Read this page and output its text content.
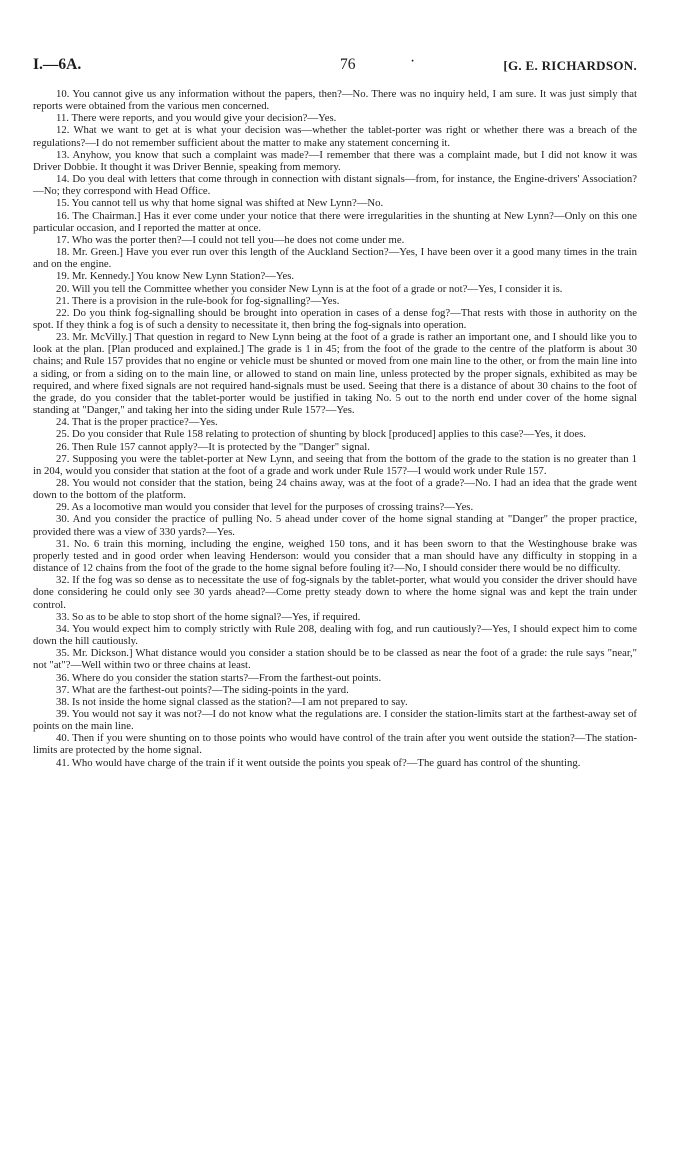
I.—6A.	76	·	[G. E. RICHARDSON.

10. You cannot give us any information without the papers, then?—No. There was no inquiry held, I am sure. It was just simply that reports were obtained from the various men concerned.

11. There were reports, and you would give your decision?—Yes.

12. What we want to get at is what your decision was—whether the tablet-porter was right or whether there was a breach of the regulations?—I do not remember sufficient about the matter to make any statement concerning it.

13. Anyhow, you know that such a complaint was made?—I remember that there was a complaint made, but I did not know it was Driver Dobbie. It thought it was Driver Bennie, speaking from memory.

14. Do you deal with letters that come through in connection with distant signals—from, for instance, the Engine-drivers' Association?—No; they correspond with Head Office.

15. You cannot tell us why that home signal was shifted at New Lynn?—No.

16. The Chairman.] Has it ever come under your notice that there were irregularities in the shunting at New Lynn?—Only on this one particular occasion, and I reported the matter at once.

17. Who was the porter then?—I could not tell you—he does not come under me.

18. Mr. Green.] Have you ever run over this length of the Auckland Section?—Yes, I have been over it a good many times in the train and on the engine.

19. Mr. Kennedy.] You know New Lynn Station?—Yes.

20. Will you tell the Committee whether you consider New Lynn is at the foot of a grade or not?—Yes, I consider it is.

21. There is a provision in the rule-book for fog-signalling?—Yes.

22. Do you think fog-signalling should be brought into operation in cases of a dense fog?—That rests with those in authority on the spot. If they think a fog is of such a density to necessitate it, then bring the fog-signals into operation.

23. Mr. McVilly.] That question in regard to New Lynn being at the foot of a grade is rather an important one, and I should like you to look at the plan. [Plan produced and explained.] The grade is 1 in 45; from the foot of the grade to the centre of the platform is about 30 chains; and Rule 157 provides that no engine or vehicle must be shunted or moved from one main line to the other, or from the main line into a siding, or from a siding on to the main line, or allowed to stand on main line, unless protected by the proper signals, exhibited as may be required, and where fixed signals are not required hand-signals must be used. Seeing that there is a distance of about 30 chains to the foot of the grade, do you consider that the tablet-porter would be justified in taking No. 5 out to the north end under cover of the home signal standing at "Danger," and taking her into the siding under Rule 157?—Yes.

24. That is the proper practice?—Yes.

25. Do you consider that Rule 158 relating to protection of shunting by block [produced] applies to this case?—Yes, it does.

26. Then Rule 157 cannot apply?—It is protected by the "Danger" signal.

27. Supposing you were the tablet-porter at New Lynn, and seeing that from the bottom of the grade to the station is no greater than 1 in 204, would you consider that station at the foot of a grade and work under Rule 157?—I would work under Rule 157.

28. You would not consider that the station, being 24 chains away, was at the foot of a grade?—No. I had an idea that the grade went down to the bottom of the platform.

29. As a locomotive man would you consider that level for the purposes of crossing trains?—Yes.

30. And you consider the practice of pulling No. 5 ahead under cover of the home signal standing at "Danger" the proper practice, provided there was a view of 330 yards?—Yes.

31. No. 6 train this morning, including the engine, weighed 150 tons, and it has been sworn to that the Westinghouse brake was properly tested and in good order when leaving Henderson: would you consider that a man should have any difficulty in stopping in a distance of 12 chains from the foot of the grade to the home signal before fouling it?—No, I should consider there would be no difficulty.

32. If the fog was so dense as to necessitate the use of fog-signals by the tablet-porter, what would you consider the driver should have done considering he could only see 30 yards ahead?—Come pretty steady down to where the home signal was and kept the train under control.

33. So as to be able to stop short of the home signal?—Yes, if required.

34. You would expect him to comply strictly with Rule 208, dealing with fog, and run cautiously?—Yes, I should expect him to come down the hill cautiously.

35. Mr. Dickson.] What distance would you consider a station should be to be classed as near the foot of a grade: the rule says "near," not "at"?—Well within two or three chains at least.

36. Where do you consider the station starts?—From the farthest-out points.

37. What are the farthest-out points?—The siding-points in the yard.

38. Is not inside the home signal classed as the station?—I am not prepared to say.

39. You would not say it was not?—I do not know what the regulations are. I consider the station-limits start at the farthest-away set of points on the main line.

40. Then if you were shunting on to those points who would have control of the train after you went outside the station?—The station-limits are protected by the home signal.

41. Who would have charge of the train if it went outside the points you speak of?—The guard has control of the shunting.
